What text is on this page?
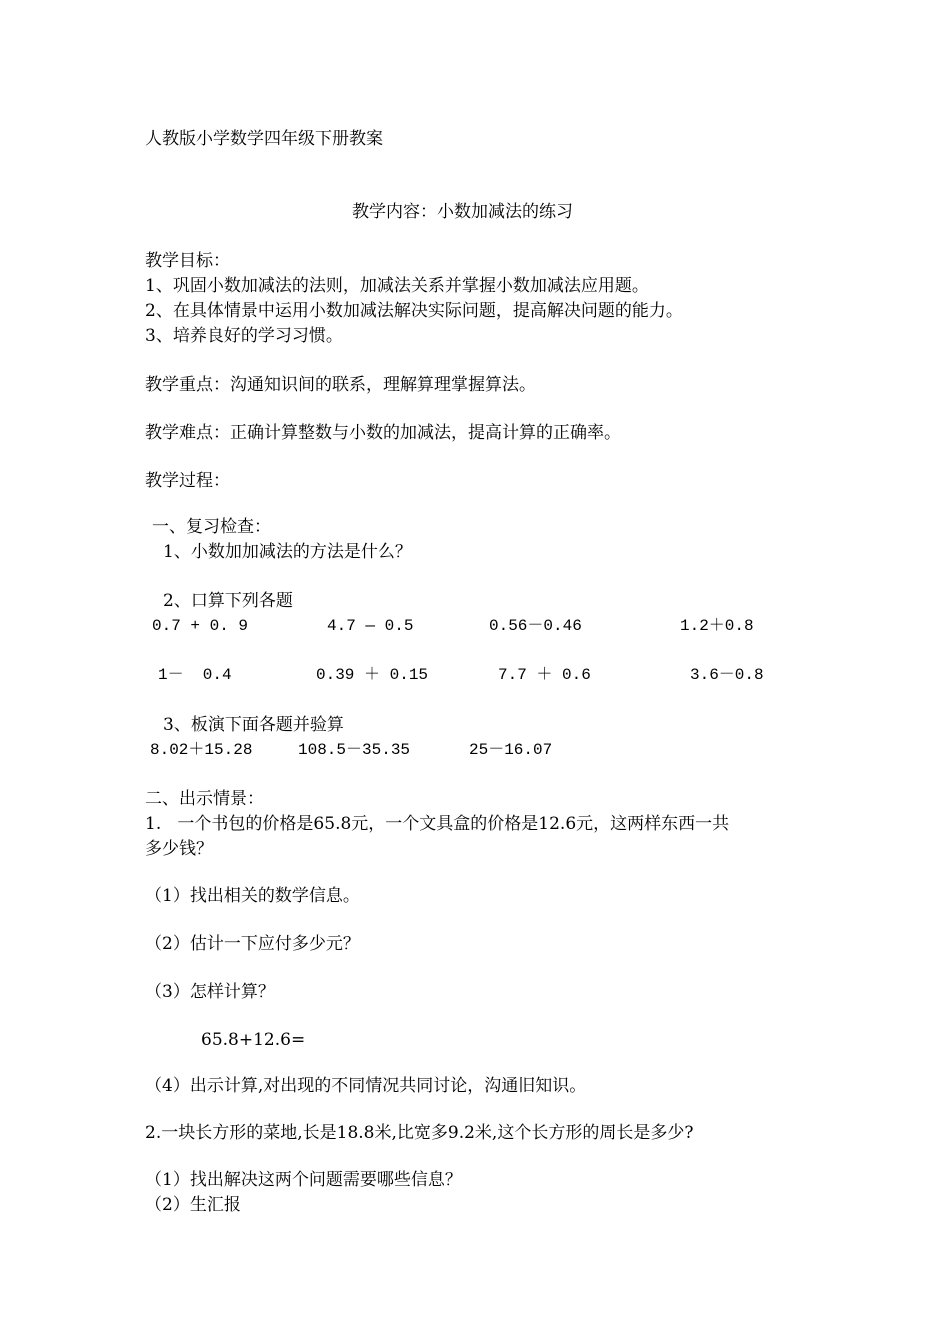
人教版小学数学四年级下册教案
教学内容：小数加减法的练习
教学目标：
1、巩固小数加减法的法则，加减法关系并掌握小数加减法应用题。
2、在具体情景中运用小数加减法解决实际问题，提高解决问题的能力。
3、培养良好的学习习惯。
教学重点：沟通知识间的联系，理解算理掌握算法。
教学难点：正确计算整数与小数的加减法，提高计算的正确率。
教学过程：
一、复习检查：
1、小数加加减法的方法是什么？
2、口算下列各题
0.7 + 0. 9	4.7 — 0.5	0.56－0.46	1.2＋0.8
1－  0.4	0.39 ＋ 0.15	7.7 ＋ 0.6	3.6－0.8
3、板演下面各题并验算
8.02＋15.28	108.5－35.35	25－16.07
二、出示情景：
1.   一个书包的价格是65.8元，一个文具盒的价格是12.6元，这两样东西一共
多少钱？
（1）找出相关的数学信息。
（2）估计一下应付多少元？
（3）怎样计算？
65.8+12.6=
（4）出示计算,对出现的不同情况共同讨论，沟通旧知识。
2.一块长方形的菜地,长是18.8米,比宽多9.2米,这个长方形的周长是多少?
（1）找出解决这两个问题需要哪些信息？
（2）生汇报
